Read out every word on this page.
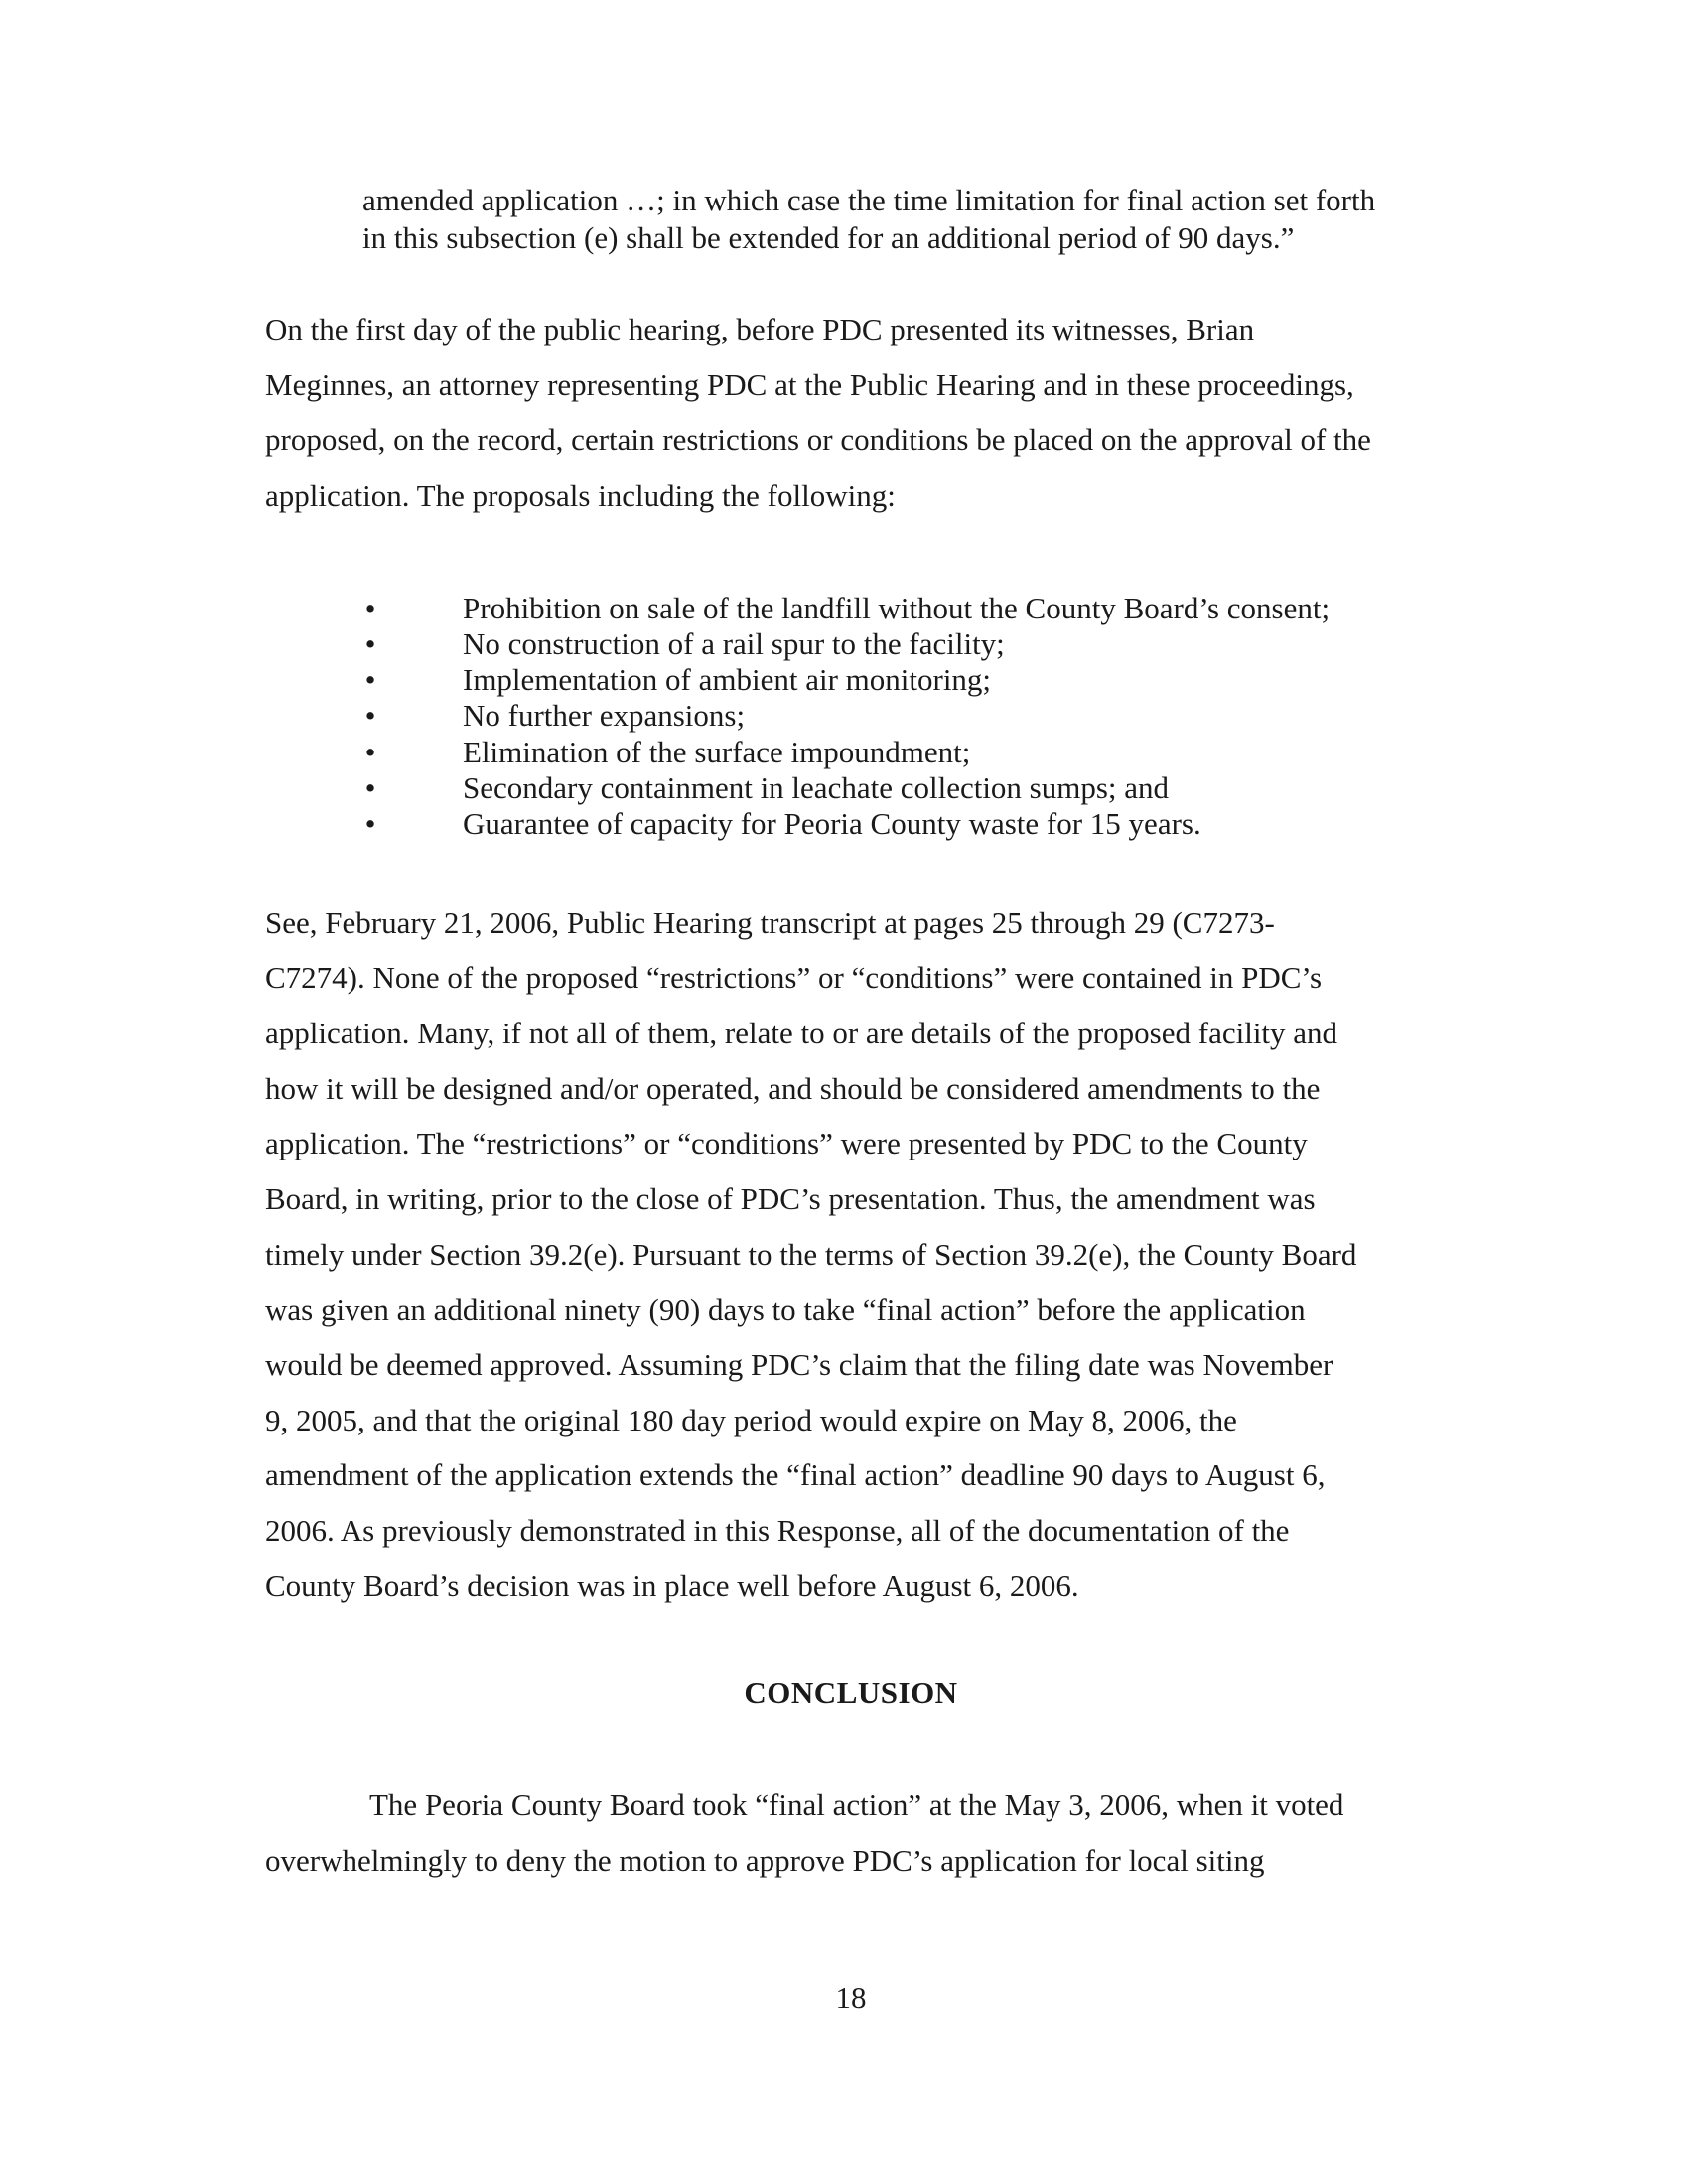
amended application …; in which case the time limitation for final action set forth
in this subsection (e) shall be extended for an additional period of 90 days.”
On the first day of the public hearing, before PDC presented its witnesses, Brian
Meginnes, an attorney representing PDC at the Public Hearing and in these proceedings,
proposed, on the record, certain restrictions or conditions be placed on the approval of the
application. The proposals including the following:
•	Prohibition on sale of the landfill without the County Board’s consent;
•	No construction of a rail spur to the facility;
•	Implementation of ambient air monitoring;
•	No further expansions;
•	Elimination of the surface impoundment;
•	Secondary containment in leachate collection sumps; and
•	Guarantee of capacity for Peoria County waste for 15 years.
See, February 21, 2006, Public Hearing transcript at pages 25 through 29 (C7273-
C7274). None of the proposed “restrictions” or “conditions” were contained in PDC’s
application. Many, if not all of them, relate to or are details of the proposed facility and
how it will be designed and/or operated, and should be considered amendments to the
application. The “restrictions” or “conditions” were presented by PDC to the County
Board, in writing, prior to the close of PDC’s presentation. Thus, the amendment was
timely under Section 39.2(e). Pursuant to the terms of Section 39.2(e), the County Board
was given an additional ninety (90) days to take “final action” before the application
would be deemed approved. Assuming PDC’s claim that the filing date was November
9, 2005, and that the original 180 day period would expire on May 8, 2006, the
amendment of the application extends the “final action” deadline 90 days to August 6,
2006. As previously demonstrated in this Response, all of the documentation of the
County Board’s decision was in place well before August 6, 2006.
CONCLUSION
The Peoria County Board took “final action” at the May 3, 2006, when it voted
overwhelmingly to deny the motion to approve PDC’s application for local siting
18
